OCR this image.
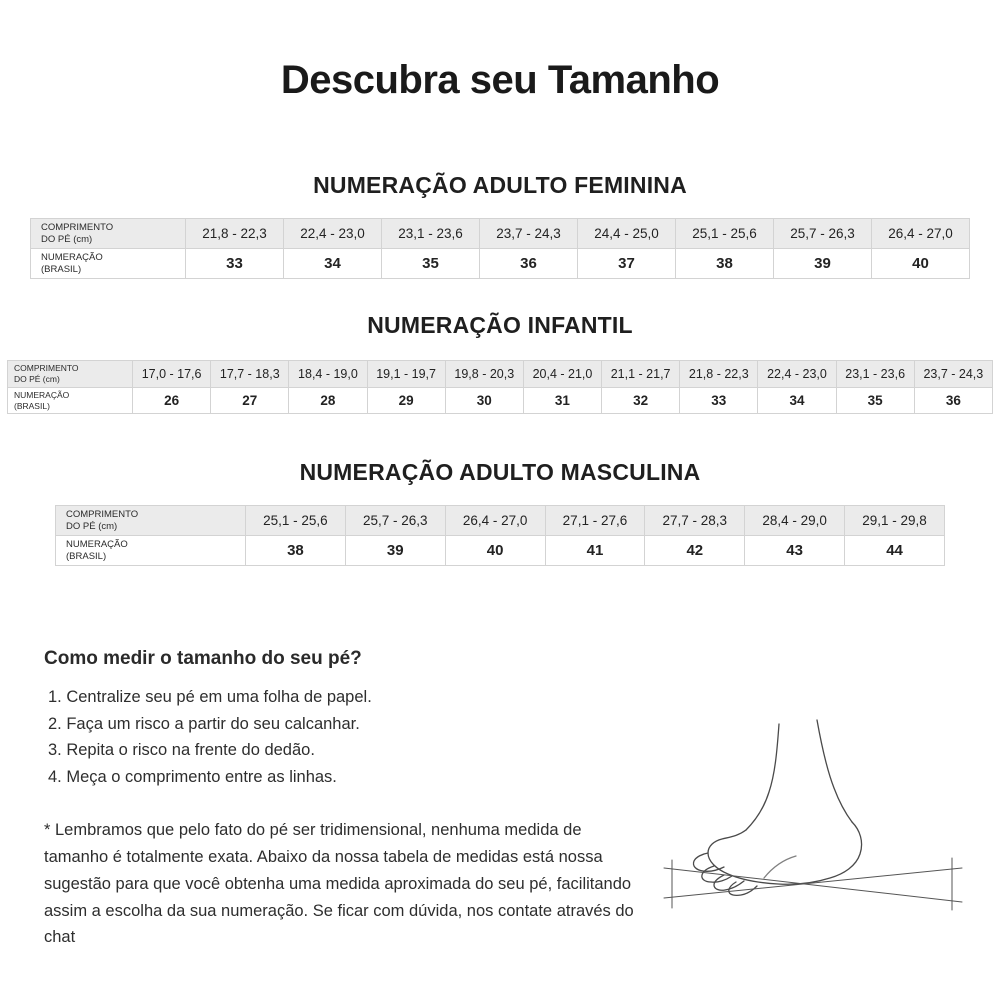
Descubra seu Tamanho
NUMERAÇÃO ADULTO FEMININA
COMPRIMENTO
DO PÉ (cm)	21,8 - 22,3	22,4 - 23,0	23,1 - 23,6	23,7 - 24,3	24,4 - 25,0	25,1 - 25,6	25,7 - 26,3	26,4 - 27,0
NUMERAÇÃO
(BRASIL)	33	34	35	36	37	38	39	40
NUMERAÇÃO INFANTIL
COMPRIMENTO
DO PÉ (cm)	17,0 - 17,6	17,7 - 18,3	18,4 - 19,0	19,1 - 19,7	19,8 - 20,3	20,4 - 21,0	21,1 - 21,7	21,8 - 22,3	22,4 - 23,0	23,1 - 23,6	23,7 - 24,3
NUMERAÇÃO
(BRASIL)	26	27	28	29	30	31	32	33	34	35	36
NUMERAÇÃO ADULTO MASCULINA
COMPRIMENTO
DO PÉ (cm)	25,1 - 25,6	25,7 - 26,3	26,4 - 27,0	27,1 - 27,6	27,7 - 28,3	28,4 - 29,0	29,1 - 29,8
NUMERAÇÃO
(BRASIL)	38	39	40	41	42	43	44
Como medir o tamanho do seu pé?
1. Centralize seu pé em uma folha de papel.
2. Faça um risco a partir do seu calcanhar.
3. Repita o risco na frente do dedão.
4. Meça o comprimento entre as linhas.

* Lembramos que pelo fato do pé ser tridimensional, nenhuma medida de tamanho é totalmente exata. Abaixo da nossa tabela de medidas está nossa sugestão para que você obtenha uma medida aproximada do seu pé, facilitando assim a escolha da sua numeração. Se ficar com dúvida, nos contate através do chat
